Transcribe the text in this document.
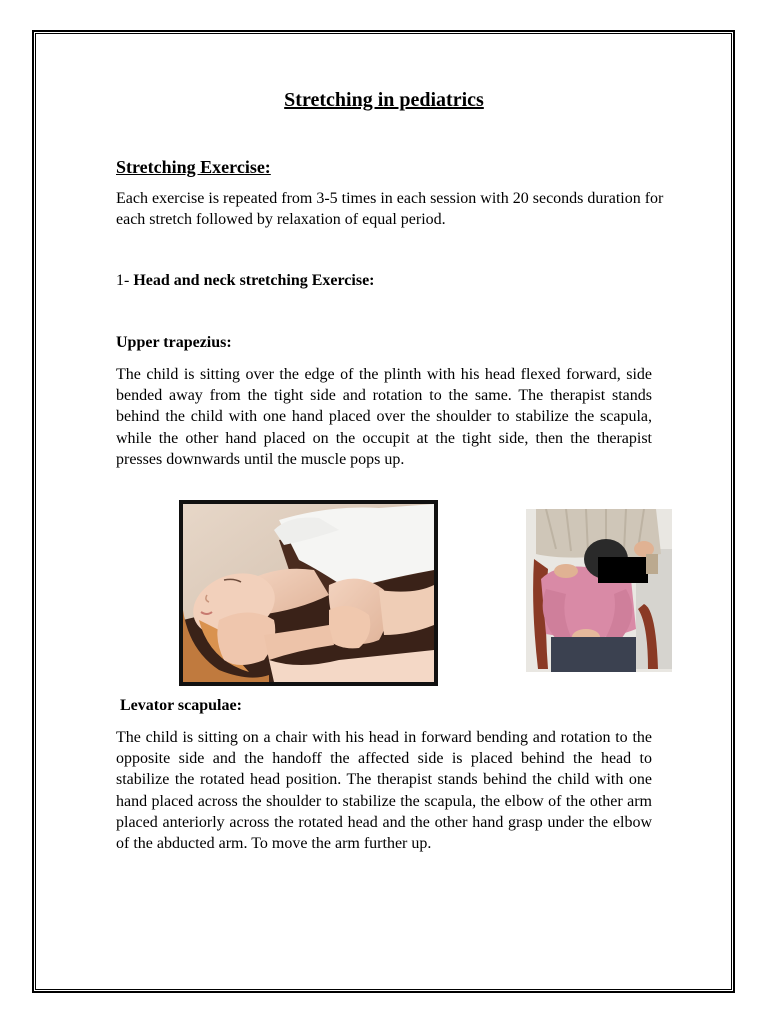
Stretching in pediatrics
Stretching Exercise:
Each exercise is repeated from 3-5 times in each session with 20 seconds duration for each stretch followed by relaxation of equal period.
1- Head and neck stretching Exercise:
Upper trapezius:
The child is sitting over the edge of the plinth with his head flexed forward, side bended away from the tight side and rotation to the same. The therapist stands behind the child with one hand placed over the shoulder to stabilize the scapula, while the other hand placed on the occupit at the tight side, then the therapist presses downwards until the muscle pops up.
Levator scapulae:
The child is sitting on a chair with his head in forward bending and rotation to the opposite side and the handoff the affected side is placed behind the head to stabilize the rotated head position. The therapist stands behind the child with one hand placed across the shoulder to stabilize the scapula, the elbow of the other arm placed anteriorly across the rotated head and the other hand grasp under the elbow of the abducted arm. To move the arm further up.
